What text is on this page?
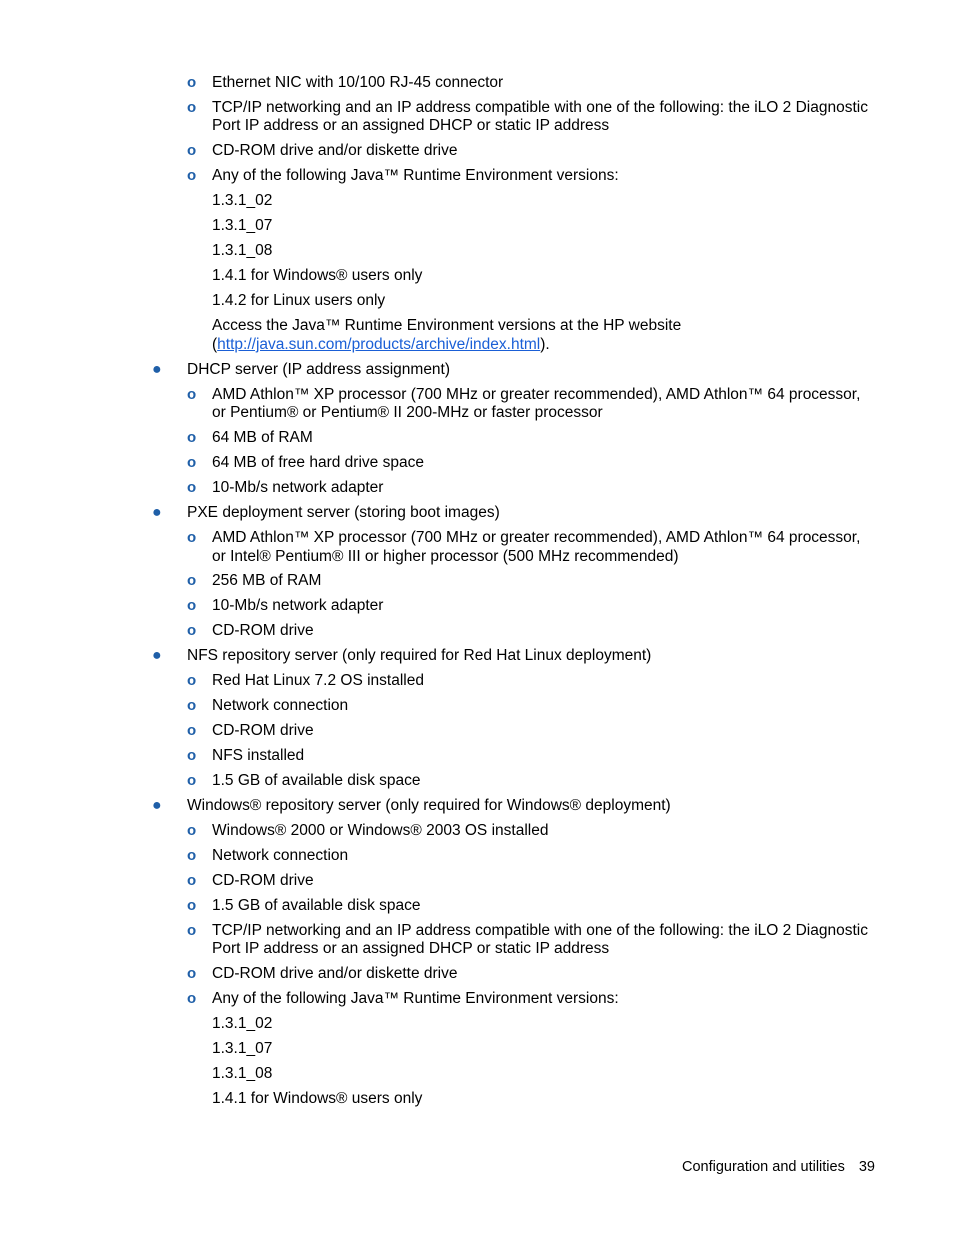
o Ethernet NIC with 10/100 RJ-45 connector
o TCP/IP networking and an IP address compatible with one of the following: the iLO 2 Diagnostic
Port IP address or an assigned DHCP or static IP address
o CD-ROM drive and/or diskette drive
o Any of the following Java™ Runtime Environment versions:
1.3.1_02
1.3.1_07
1.3.1_08
1.4.1 for Windows® users only
1.4.2 for Linux users only
Access the Java™ Runtime Environment versions at the HP website
(http://java.sun.com/products/archive/index.html).
● DHCP server (IP address assignment)
o AMD Athlon™ XP processor (700 MHz or greater recommended), AMD Athlon™ 64 processor,
or Pentium® or Pentium® II 200-MHz or faster processor
o 64 MB of RAM
o 64 MB of free hard drive space
o 10-Mb/s network adapter
● PXE deployment server (storing boot images)
o AMD Athlon™ XP processor (700 MHz or greater recommended), AMD Athlon™ 64 processor,
or Intel® Pentium® III or higher processor (500 MHz recommended)
o 256 MB of RAM
o 10-Mb/s network adapter
o CD-ROM drive
● NFS repository server (only required for Red Hat Linux deployment)
o Red Hat Linux 7.2 OS installed
o Network connection
o CD-ROM drive
o NFS installed
o 1.5 GB of available disk space
● Windows® repository server (only required for Windows® deployment)
o Windows® 2000 or Windows® 2003 OS installed
o Network connection
o CD-ROM drive
o 1.5 GB of available disk space
o TCP/IP networking and an IP address compatible with one of the following: the iLO 2 Diagnostic
Port IP address or an assigned DHCP or static IP address
o CD-ROM drive and/or diskette drive
o Any of the following Java™ Runtime Environment versions:
1.3.1_02
1.3.1_07
1.3.1_08
1.4.1 for Windows® users only
Configuration and utilities 39
